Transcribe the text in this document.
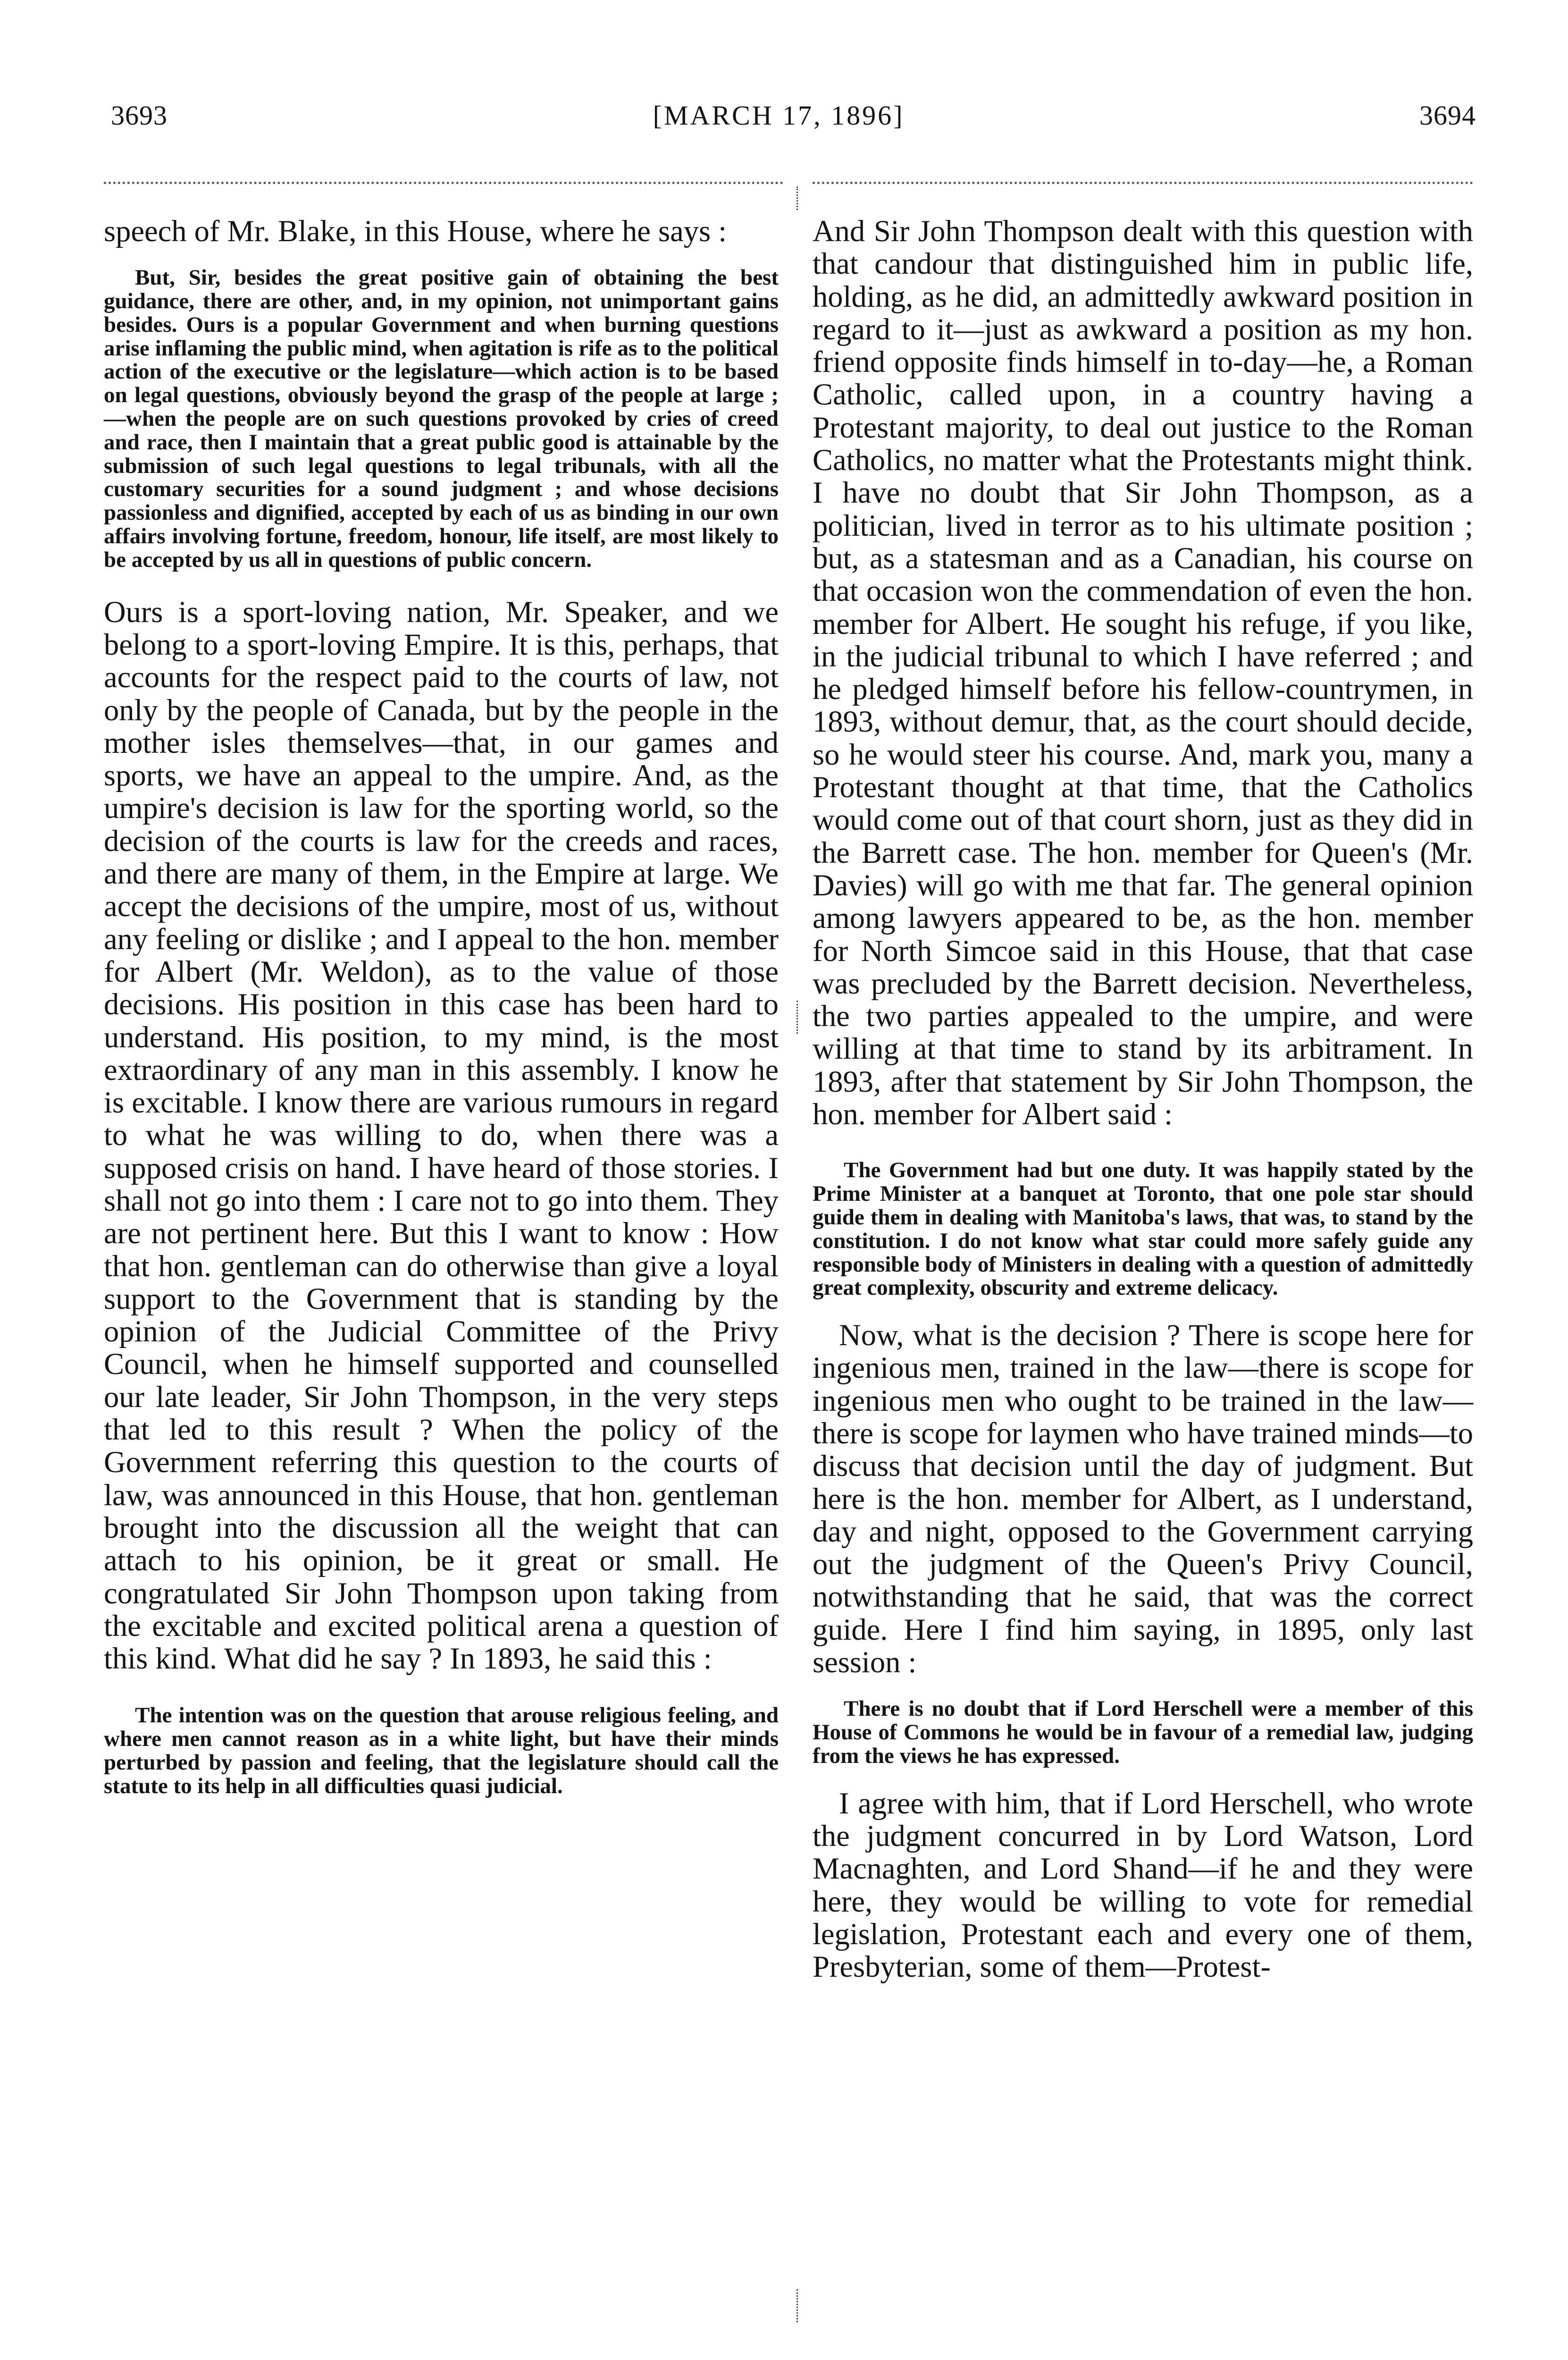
3693	[MARCH 17, 1896]	3694

speech of Mr. Blake, in this House, where he says :

But, Sir, besides the great positive gain of obtaining the best guidance, there are other, and, in my opinion, not unimportant gains besides. Ours is a popular Government and when burning questions arise inflaming the public mind, when agitation is rife as to the political action of the executive or the legislature—which action is to be based on legal questions, obviously beyond the grasp of the people at large ;—when the people are on such questions provoked by cries of creed and race, then I maintain that a great public good is attainable by the submission of such legal questions to legal tribunals, with all the customary securities for a sound judgment ; and whose decisions passionless and dignified, accepted by each of us as binding in our own affairs involving fortune, freedom, honour, life itself, are most likely to be accepted by us all in questions of public concern.

Ours is a sport-loving nation, Mr. Speaker, and we belong to a sport-loving Empire. It is this, perhaps, that accounts for the respect paid to the courts of law, not only by the people of Canada, but by the people in the mother isles themselves—that, in our games and sports, we have an appeal to the umpire. And, as the umpire's decision is law for the sporting world, so the decision of the courts is law for the creeds and races, and there are many of them, in the Empire at large. We accept the decisions of the umpire, most of us, without any feeling or dislike ; and I appeal to the hon. member for Albert (Mr. Weldon), as to the value of those decisions. His position in this case has been hard to understand. His position, to my mind, is the most extraordinary of any man in this assembly. I know he is excitable. I know there are various rumours in regard to what he was willing to do, when there was a supposed crisis on hand. I have heard of those stories. I shall not go into them : I care not to go into them. They are not pertinent here. But this I want to know : How that hon. gentleman can do otherwise than give a loyal support to the Government that is standing by the opinion of the Judicial Committee of the Privy Council, when he himself supported and counselled our late leader, Sir John Thompson, in the very steps that led to this result ? When the policy of the Government referring this question to the courts of law, was announced in this House, that hon. gentleman brought into the discussion all the weight that can attach to his opinion, be it great or small. He congratulated Sir John Thompson upon taking from the excitable and excited political arena a question of this kind. What did he say ? In 1893, he said this :

The intention was on the question that arouse religious feeling, and where men cannot reason as in a white light, but have their minds perturbed by passion and feeling, that the legislature should call the statute to its help in all difficulties quasi judicial.

And Sir John Thompson dealt with this question with that candour that distinguished him in public life, holding, as he did, an admittedly awkward position in regard to it—just as awkward a position as my hon. friend opposite finds himself in to-day—he, a Roman Catholic, called upon, in a country having a Protestant majority, to deal out justice to the Roman Catholics, no matter what the Protestants might think. I have no doubt that Sir John Thompson, as a politician, lived in terror as to his ultimate position ; but, as a statesman and as a Canadian, his course on that occasion won the commendation of even the hon. member for Albert. He sought his refuge, if you like, in the judicial tribunal to which I have referred ; and he pledged himself before his fellow-countrymen, in 1893, without demur, that, as the court should decide, so he would steer his course. And, mark you, many a Protestant thought at that time, that the Catholics would come out of that court shorn, just as they did in the Barrett case. The hon. member for Queen's (Mr. Davies) will go with me that far. The general opinion among lawyers appeared to be, as the hon. member for North Simcoe said in this House, that that case was precluded by the Barrett decision. Nevertheless, the two parties appealed to the umpire, and were willing at that time to stand by its arbitrament. In 1893, after that statement by Sir John Thompson, the hon. member for Albert said :

The Government had but one duty. It was happily stated by the Prime Minister at a banquet at Toronto, that one pole star should guide them in dealing with Manitoba's laws, that was, to stand by the constitution. I do not know what star could more safely guide any responsible body of Ministers in dealing with a question of admittedly great complexity, obscurity and extreme delicacy.

Now, what is the decision ? There is scope here for ingenious men, trained in the law—there is scope for ingenious men who ought to be trained in the law—there is scope for laymen who have trained minds—to discuss that decision until the day of judgment. But here is the hon. member for Albert, as I understand, day and night, opposed to the Government carrying out the judgment of the Queen's Privy Council, notwithstanding that he said, that was the correct guide. Here I find him saying, in 1895, only last session :

There is no doubt that if Lord Herschell were a member of this House of Commons he would be in favour of a remedial law, judging from the views he has expressed.

I agree with him, that if Lord Herschell, who wrote the judgment concurred in by Lord Watson, Lord Macnaghten, and Lord Shand—if he and they were here, they would be willing to vote for remedial legislation, Protestant each and every one of them, Presbyterian, some of them—Protest-
